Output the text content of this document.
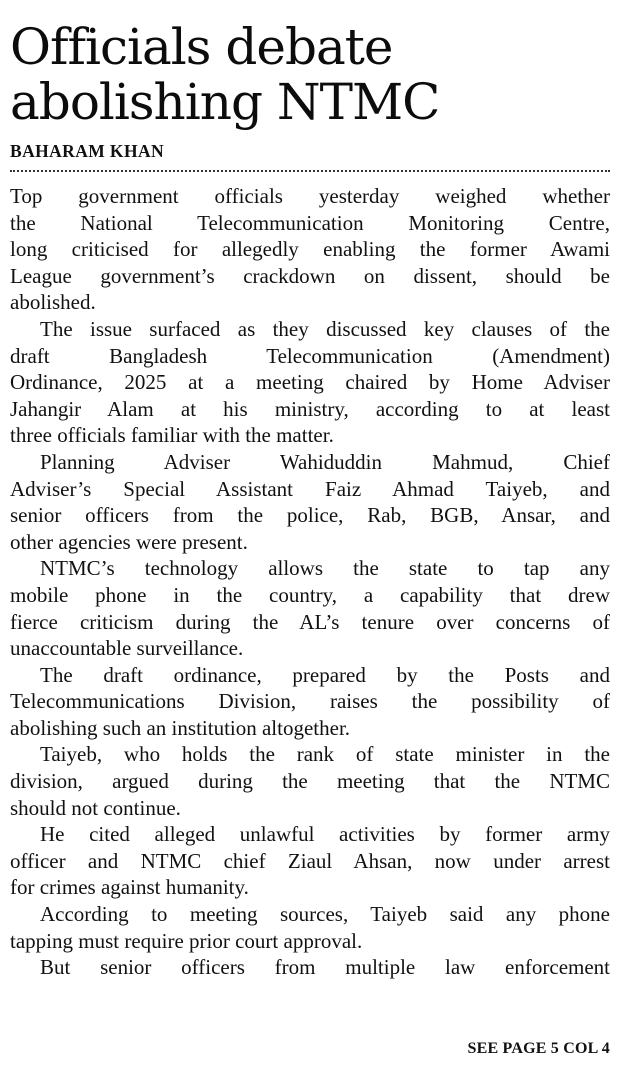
Officials debate
abolishing NTMC
BAHARAM KHAN

Top government officials yesterday weighed whether
the National Telecommunication Monitoring Centre,
long criticised for allegedly enabling the former Awami
League government’s crackdown on dissent, should be
abolished.

The issue surfaced as they discussed key clauses of the
draft Bangladesh Telecommunication (Amendment)
Ordinance, 2025 at a meeting chaired by Home Adviser
Jahangir Alam at his ministry, according to at least
three officials familiar with the matter.

Planning Adviser Wahiduddin Mahmud, Chief
Adviser’s Special Assistant Faiz Ahmad Taiyeb, and
senior officers from the police, Rab, BGB, Ansar, and
other agencies were present.

NTMC’s technology allows the state to tap any
mobile phone in the country, a capability that drew
fierce criticism during the AL’s tenure over concerns of
unaccountable surveillance.

The draft ordinance, prepared by the Posts and
Telecommunications Division, raises the possibility of
abolishing such an institution altogether.

Taiyeb, who holds the rank of state minister in the
division, argued during the meeting that the NTMC
should not continue.

He cited alleged unlawful activities by former army
officer and NTMC chief Ziaul Ahsan, now under arrest
for crimes against humanity.

According to meeting sources, Taiyeb said any phone
tapping must require prior court approval.

But senior officers from multiple law enforcement

SEE PAGE 5 COL 4
